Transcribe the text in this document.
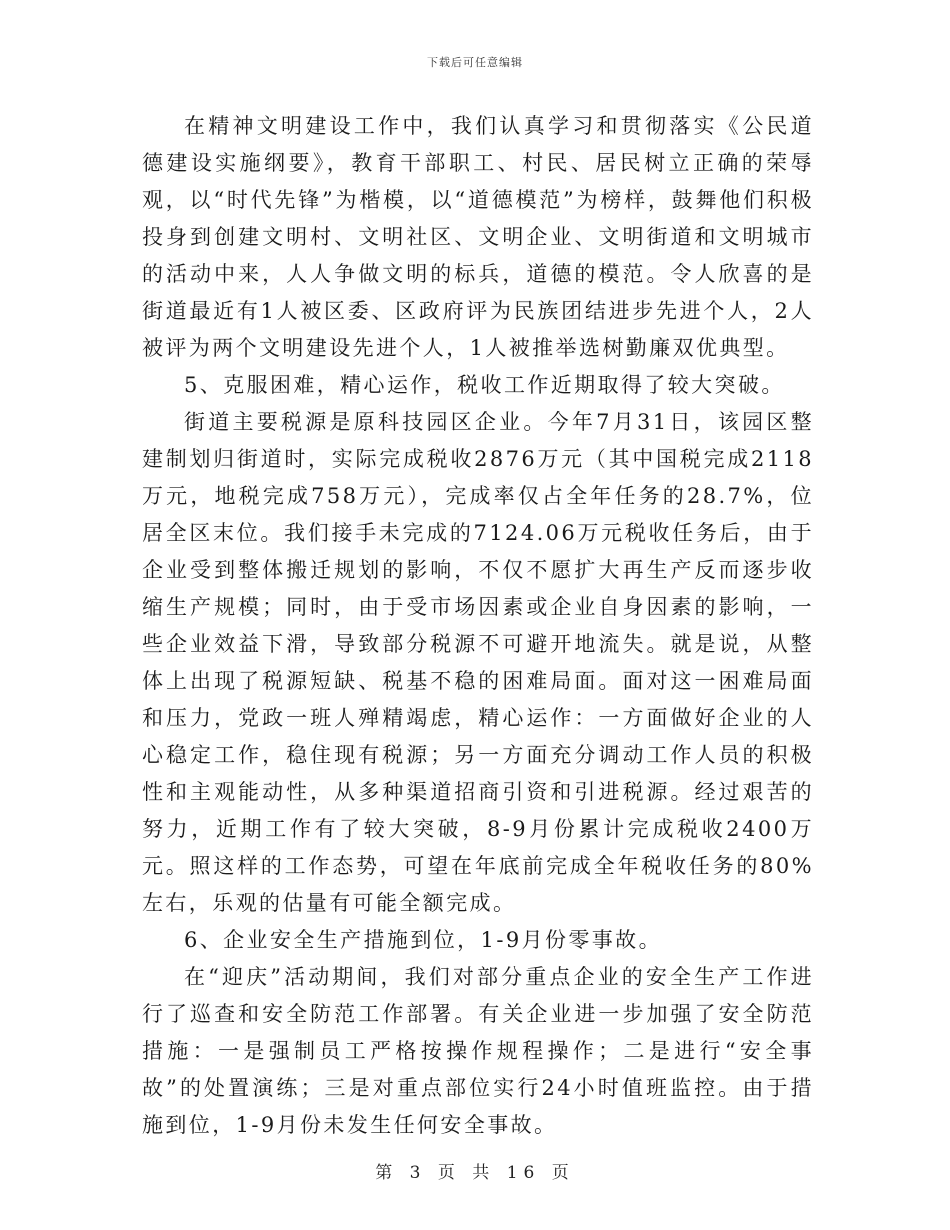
下载后可任意编辑

在精神文明建设工作中，我们认真学习和贯彻落实《公民道德建设实施纲要》，教育干部职工、村民、居民树立正确的荣辱观，以“时代先锋”为楷模，以“道德模范”为榜样，鼓舞他们积极投身到创建文明村、文明社区、文明企业、文明街道和文明城市的活动中来，人人争做文明的标兵，道德的模范。令人欣喜的是街道最近有1人被区委、区政府评为民族团结进步先进个人，2人被评为两个文明建设先进个人，1人被推举选树勤廉双优典型。

5、克服困难，精心运作，税收工作近期取得了较大突破。

街道主要税源是原科技园区企业。今年7月31日，该园区整建制划归街道时，实际完成税收2876万元（其中国税完成2118万元，地税完成758万元），完成率仅占全年任务的28.7%，位居全区末位。我们接手未完成的7124.06万元税收任务后，由于企业受到整体搬迁规划的影响，不仅不愿扩大再生产反而逐步收缩生产规模；同时，由于受市场因素或企业自身因素的影响，一些企业效益下滑，导致部分税源不可避开地流失。就是说，从整体上出现了税源短缺、税基不稳的困难局面。面对这一困难局面和压力，党政一班人殚精竭虑，精心运作：一方面做好企业的人心稳定工作，稳住现有税源；另一方面充分调动工作人员的积极性和主观能动性，从多种渠道招商引资和引进税源。经过艰苦的努力，近期工作有了较大突破，8-9月份累计完成税收2400万元。照这样的工作态势，可望在年底前完成全年税收任务的80%左右，乐观的估量有可能全额完成。

6、企业安全生产措施到位，1-9月份零事故。

在“迎庆”活动期间，我们对部分重点企业的安全生产工作进行了巡查和安全防范工作部署。有关企业进一步加强了安全防范措施：一是强制员工严格按操作规程操作；二是进行“安全事故”的处置演练；三是对重点部位实行24小时值班监控。由于措施到位，1-9月份未发生任何安全事故。

第 3 页 共 16 页
